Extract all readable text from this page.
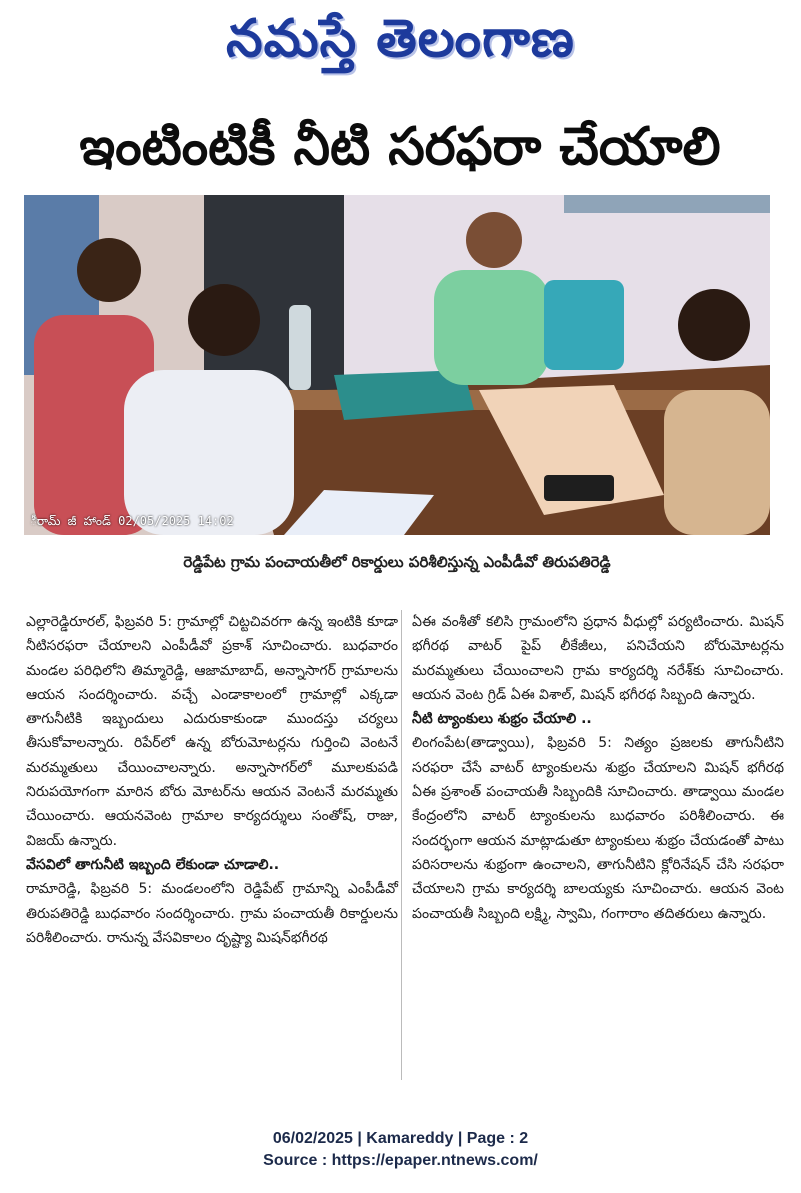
నమస్తే తెలంగాణ
ఇంటింటికీ నీటి సరఫరా చేయాలి
ీరామ్ జీ హాండ్ 02/05/2025 14:02
రెడ్డిపేట గ్రామ పంచాయతీలో రికార్డులు పరిశీలిస్తున్న ఎంపీడీవో తిరుపతిరెడ్డి
ఎల్లారెడ్డిరూరల్, ఫిబ్రవరి 5: గ్రామాల్లో చిట్టచివరగా ఉన్న ఇంటికి కూడా నీటిసరఫరా చేయాలని ఎంపీడీవో ప్రకాశ్ సూచించారు. బుధవారం మండల పరిధిలోని తిమ్మారెడ్డి, ఆజామాబాద్, అన్నాసాగర్ గ్రామాలను ఆయన సందర్శించారు. వచ్చే ఎండాకాలంలో గ్రామాల్లో ఎక్కడా తాగునీటికి ఇబ్బందులు ఎదురుకాకుండా ముందస్తు చర్యలు తీసుకోవాలన్నారు. రిపేర్‌లో ఉన్న బోరుమోటర్లను గుర్తించి వెంటనే మరమ్మతులు చేయించాలన్నారు. అన్నాసాగర్‌లో మూలకుపడి నిరుపయోగంగా మారిన బోరు మోటర్‌ను ఆయన వెంటనే మరమ్మతు చేయించారు. ఆయనవెంట గ్రామాల కార్యదర్శులు సంతోష్, రాజు, విజయ్ ఉన్నారు.
వేసవిలో తాగునీటి ఇబ్బంది లేకుండా చూడాలి..
రామారెడ్డి, ఫిబ్రవరి 5: మండలంలోని రెడ్డిపేట్ గ్రామాన్ని ఎంపీడీవో తిరుపతిరెడ్డి బుధవారం సందర్శించారు. గ్రామ పంచాయతీ రికార్డులను పరిశీలించారు. రానున్న వేసవికాలం దృష్ట్యా మిషన్‌భగీరథ
ఏఈ వంశీతో కలిసి గ్రామంలోని ప్రధాన వీధుల్లో పర్యటించారు. మిషన్ భగీరథ వాటర్ పైప్ లీకేజీలు, పనిచేయని బోరుమోటర్లను మరమ్మతులు చేయించాలని గ్రామ కార్యదర్శి నరేశ్‌కు సూచించారు. ఆయన వెంట గ్రిడ్ ఏఈ విశాల్, మిషన్ భగీరథ సిబ్బంది ఉన్నారు.
నీటి ట్యాంకులు శుభ్రం చేయాలి ..
లింగంపేట(తాడ్వాయి), ఫిబ్రవరి 5: నిత్యం ప్రజలకు తాగునీటిని సరఫరా చేసే వాటర్ ట్యాంకులను శుభ్రం చేయాలని మిషన్ భగీరథ ఏఈ ప్రశాంత్ పంచాయతీ సిబ్బందికి సూచించారు. తాడ్వాయి మండల కేంద్రంలోని వాటర్ ట్యాంకులను బుధవారం పరిశీలించారు. ఈ సందర్భంగా ఆయన మాట్లాడుతూ ట్యాంకులు శుభ్రం చేయడంతో పాటు పరిసరాలను శుభ్రంగా ఉంచాలని, తాగునీటిని క్లోరినేషన్ చేసి సరఫరా చేయాలని గ్రామ కార్యదర్శి బాలయ్యకు సూచించారు. ఆయన వెంట పంచాయతీ సిబ్బంది లక్ష్మి, స్వామి, గంగారాం తదితరులు ఉన్నారు.
06/02/2025 | Kamareddy | Page : 2
Source : https://epaper.ntnews.com/
